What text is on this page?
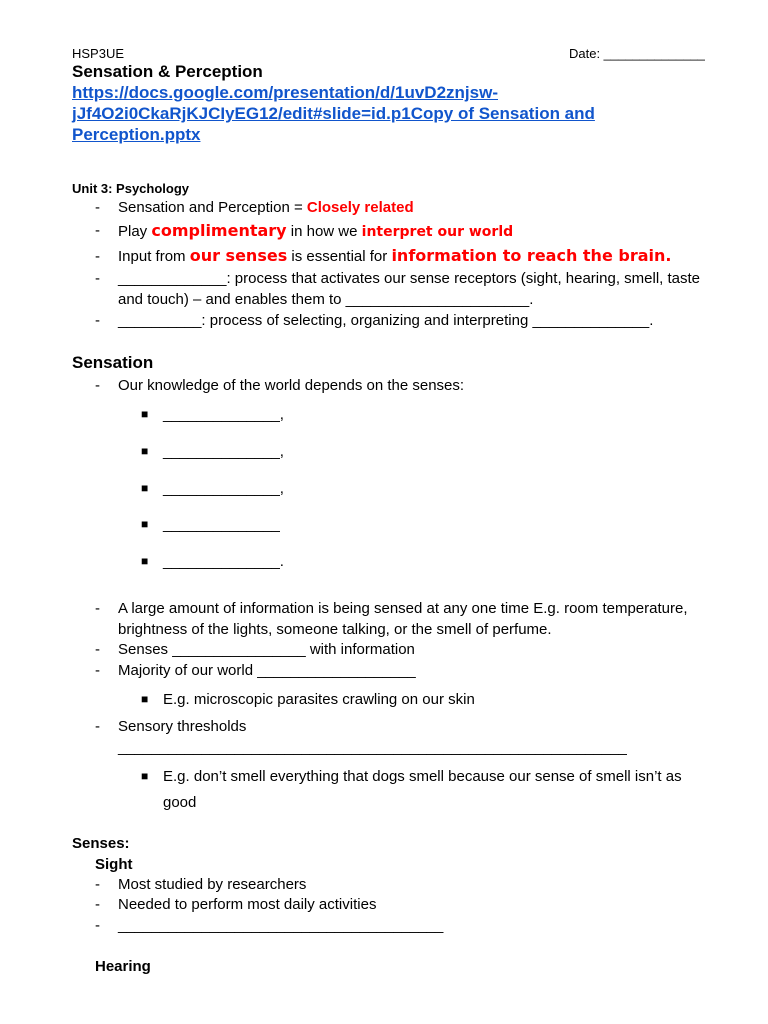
HSP3UE	Date: ______________
Sensation & Perception
https://docs.google.com/presentation/d/1uvD2znjsw-
jJf4O2i0CkaRjKJCIyEG12/edit#slide=id.p1Copy of Sensation and
Perception.pptx
Unit 3: Psychology
- Sensation and Perception = Closely related
- Play complimentary in how we interpret our world
- Input from our senses is essential for information to reach the brain.
- _____________: process that activates our sense receptors (sight, hearing, smell, taste
and touch) – and enables them to ______________________.
- __________: process of selecting, organizing and interpreting ______________.
Sensation
- Our knowledge of the world depends on the senses:
■ ______________,
■ ______________,
■ ______________,
■ ______________
■ ______________.
- A large amount of information is being sensed at any one time E.g. room temperature,
brightness of the lights, someone talking, or the smell of perfume.
- Senses ________________ with information
- Majority of our world ___________________
■ E.g. microscopic parasites crawling on our skin
- Sensory thresholds
_____________________________________________________________
■ E.g. don’t smell everything that dogs smell because our sense of smell isn’t as
good
Senses:
Sight
- Most studied by researchers
- Needed to perform most daily activities
- _______________________________________
Hearing
